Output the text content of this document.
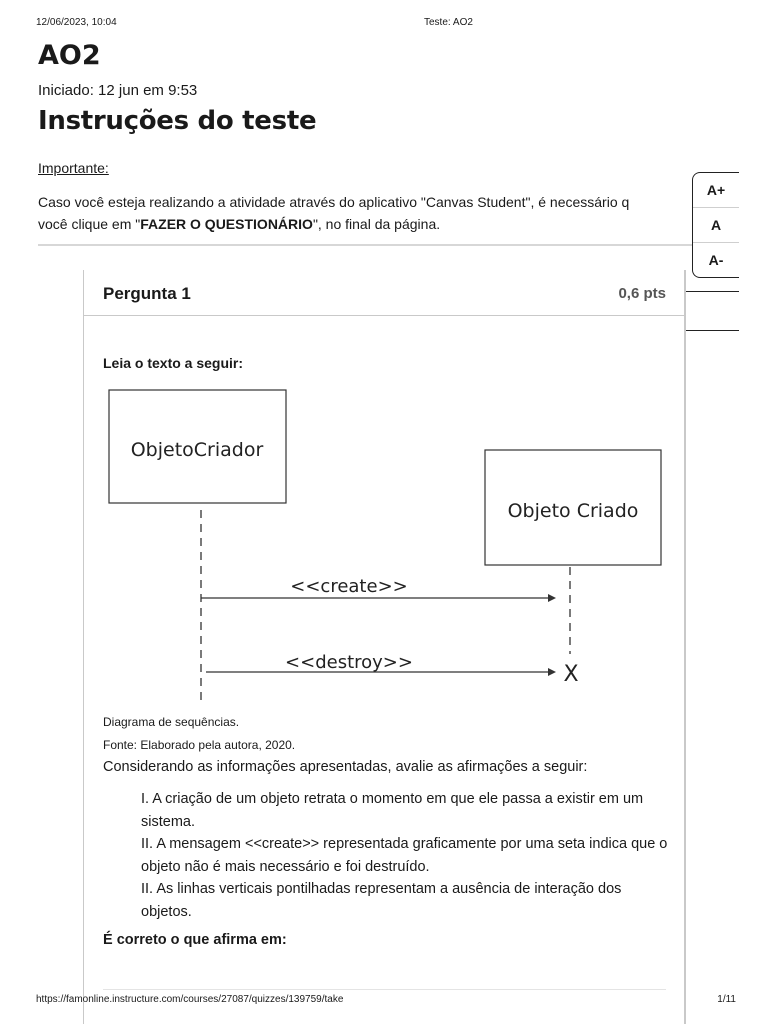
12/06/2023, 10:04	Teste: AO2
AO2
Iniciado: 12 jun em 9:53
Instruções do teste
Importante:
Caso você esteja realizando a atividade através do aplicativo "Canvas Student", é necessário q
você clique em "FAZER O QUESTIONÁRIO", no final da página.
A+
A
A-
Pergunta 1	0,6 pts
Leia o texto a seguir:
ObjetoCriador
Objeto Criado
<<create>>
<<destroy>>	X
Diagrama de sequências.
Fonte: Elaborado pela autora, 2020.
Considerando as informações apresentadas, avalie as afirmações a seguir:
I. A criação de um objeto retrata o momento em que ele passa a existir em um sistema.
II. A mensagem <<create>> representada graficamente por uma seta indica que o objeto não é mais necessário e foi destruído.
II. As linhas verticais pontilhadas representam a ausência de interação dos objetos.
É correto o que afirma em:
https://famonline.instructure.com/courses/27087/quizzes/139759/take	1/11
